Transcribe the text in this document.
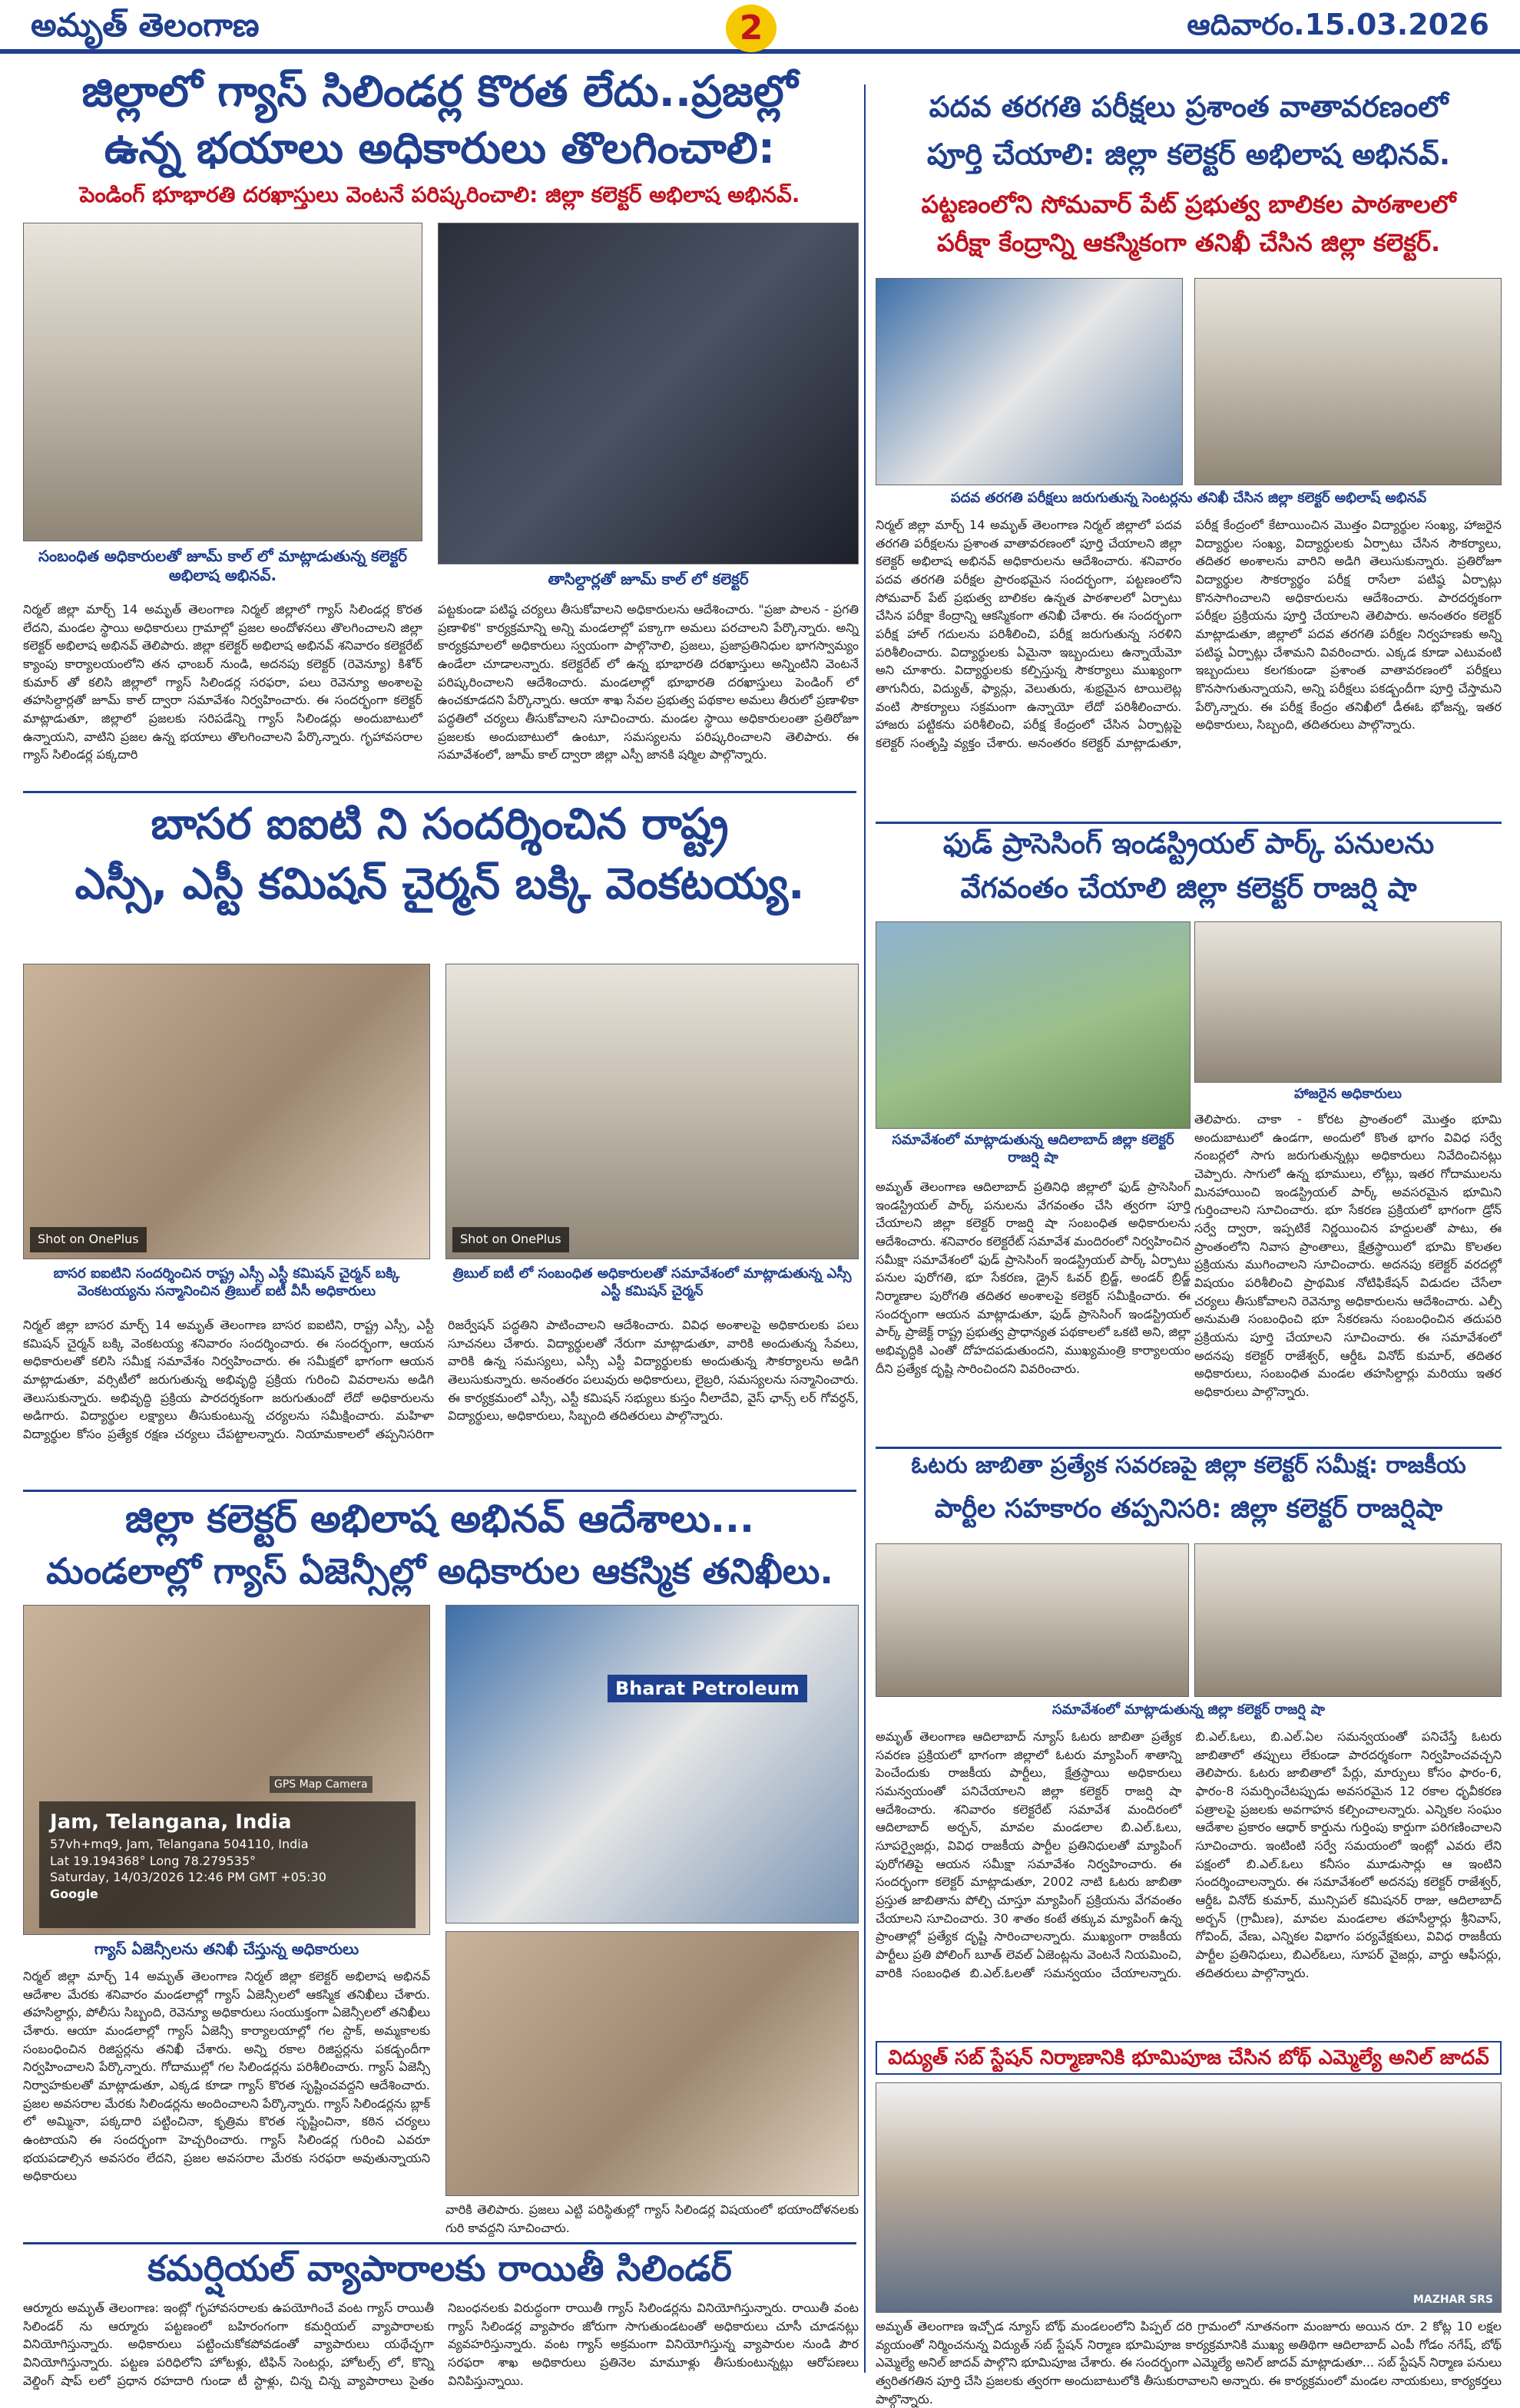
అమృత్ తెలంగాణ	2	ఆదివారం.15.03.2026
జిల్లాలో గ్యాస్ సిలిండర్ల కొరత లేదు..ప్రజల్లో
ఉన్న భయాలు అధికారులు తొలగించాలి:
పెండింగ్ భూభారతి దరఖాస్తులు వెంటనే పరిష్కరించాలి: జిల్లా కలెక్టర్ అభిలాష అభినవ్.
సంబంధిత అధికారులతో జూమ్ కాల్ లో మాట్లాడుతున్న కలెక్టర్ అభిలాష అభినవ్.	తాసిల్దార్లతో జూమ్ కాల్ లో కలెక్టర్
నిర్మల్ జిల్లా మార్చ్ 14 అమృత్ తెలంగాణ నిర్మల్ జిల్లాలో గ్యాస్ సిలిండర్ల కొరత లేదని, మండల స్థాయి అధికారులు గ్రామాల్లో ప్రజల అందోళనలు తొలగించాలని జిల్లా కలెక్టర్ అభిలాష అభినవ్ తెలిపారు. జిల్లా కలెక్టర్ అభిలాష అభినవ్ శనివారం కలెక్టరేట్ క్యాంపు కార్యాలయంలోని తన ఛాంబర్ నుండి, అదనపు కలెక్టర్ (రెవెన్యూ) కిశోర్ కుమార్ తో కలిసి జిల్లాలో గ్యాస్ సిలిండర్ల సరఫరా, పలు రెవెన్యూ అంశాలపై తహసిల్దార్లతో జూమ్ కాల్ ద్వారా సమావేశం నిర్వహించారు. ఈ సందర్భంగా కలెక్టర్ మాట్లాడుతూ, జిల్లాలో ప్రజలకు సరిపడేన్ని గ్యాస్ సిలిండర్లు అందుబాటులో ఉన్నాయని, వాటిని ప్రజల ఉన్న భయాలు తొలగించాలని పేర్కొన్నారు. గృహావసరాల గ్యాస్ సిలిండర్ల పక్కదారి
పట్టకుండా పటిష్ఠ చర్యలు తీసుకోవాలని అధికారులను ఆదేశించారు. "ప్రజా పాలన - ప్రగతి ప్రణాళిక" కార్యక్రమాన్ని అన్ని మండలాల్లో పక్కాగా అమలు పరచాలని పేర్కొన్నారు. అన్ని కార్యక్రమాలలో అధికారులు స్వయంగా పాల్గొనాలి, ప్రజలు, ప్రజాప్రతినిధుల భాగస్వామ్యం ఉండేలా చూడాలన్నారు. కలెక్టరేట్ లో ఉన్న భూభారతి దరఖాస్తులు అన్నింటిని వెంటనే పరిష్కరించాలని ఆదేశించారు. మండలాల్లో భూభారతి దరఖాస్తులు పెండింగ్ లో ఉంచకూడదని పేర్కొన్నారు. ఆయా శాఖ సేవల ప్రభుత్వ పథకాల అమలు తీరులో ప్రణాళికా పద్ధతిలో చర్యలు తీసుకోవాలని సూచించారు. మండల స్థాయి అధికారులంతా ప్రతిరోజూ ప్రజలకు అందుబాటులో ఉంటూ, సమస్యలను పరిష్కరించాలని తెలిపారు. ఈ సమావేశంలో, జూమ్ కాల్ ద్వారా జిల్లా ఎస్పీ జానకి షర్మిల పాల్గొన్నారు.
బాసర ఐఐటి ని సందర్శించిన రాష్ట్ర
ఎస్సీ, ఎస్టీ కమిషన్ చైర్మన్ బక్కి వెంకటయ్య.
Shot on OnePlus	Shot on OnePlus
బాసర ఐఐటిని సందర్శించిన రాష్ట్ర ఎస్సీ ఎస్టీ కమిషన్ చైర్మన్ బక్కి వెంకటయ్యను సన్మానించిన త్రిబుల్ ఐటీ వీసీ అధికారులు
త్రిబుల్ ఐటీ లో సంబంధిత అధికారులతో సమావేశంలో మాట్లాడుతున్న ఎస్సీ ఎస్టీ కమిషన్ చైర్మన్
నిర్మల్ జిల్లా బాసర మార్చ్ 14 అమృత్ తెలంగాణ బాసర ఐఐటిని, రాష్ట్ర ఎస్సీ, ఎస్టీ కమిషన్ చైర్మన్ బక్కి వెంకటయ్య శనివారం సందర్శించారు. ఈ సందర్భంగా, ఆయన అధికారులతో కలిసి సమీక్ష సమావేశం నిర్వహించారు. ఈ సమీక్షలో భాగంగా ఆయన మాట్లాడుతూ, వర్సిటీలో జరుగుతున్న అభివృద్ధి ప్రక్రియ గురించి వివరాలను అడిగి తెలుసుకున్నారు. అభివృద్ధి ప్రక్రియ పారదర్శకంగా జరుగుతుందో లేదో అధికారులను అడిగారు. విద్యార్థుల లక్ష్యాలు తీసుకుంటున్న చర్యలను సమీక్షించారు. మహిళా విద్యార్థుల కోసం ప్రత్యేక రక్షణ చర్యలు చేపట్టాలన్నారు. నియామకాలలో తప్పనిసరిగా రిజర్వేషన్ పద్ధతిని పాటించాలని ఆదేశించారు. వివిధ అంశాలపై అధికారులకు పలు సూచనలు చేశారు. విద్యార్థులతో నేరుగా మాట్లాడుతూ, వారికి అందుతున్న సేవలు, వారికి ఉన్న సమస్యలు, ఎస్సీ ఎస్టీ విద్యార్థులకు అందుతున్న సౌకర్యాలను అడిగి తెలుసుకున్నారు. అనంతరం పలువురు అధికారులు, లైబ్రరి, సమస్యలను సన్మానించారు. ఈ కార్యక్రమంలో ఎస్సీ, ఎస్టీ కమిషన్ సభ్యులు కుస్తం నీలాదేవి, వైస్ ఛాన్స్ లర్ గోవర్ధన్, విద్యార్థులు, అధికారులు, సిబ్బంది తదితరులు పాల్గొన్నారు.
జిల్లా కలెక్టర్ అభిలాష అభినవ్ ఆదేశాలు...
మండలాల్లో గ్యాస్ ఏజెన్సీల్లో అధికారుల ఆకస్మిక తనిఖీలు.
Jam, Telangana, India
57vh+mq9, Jam, Telangana 504110, India
Lat 19.194368° Long 78.279535°
Saturday, 14/03/2026 12:46 PM GMT +05:30
Google
GPS Map Camera
Bharat Petroleum
గ్యాస్ ఏజెన్సీలను తనిఖీ చేస్తున్న అధికారులు
నిర్మల్ జిల్లా మార్చ్ 14 అమృత్ తెలంగాణ నిర్మల్ జిల్లా కలెక్టర్ అభిలాష అభినవ్ ఆదేశాల మేరకు శనివారం మండలాల్లో గ్యాస్ ఏజెన్సీలలో ఆకస్మిక తనిఖీలు చేశారు. తహసిల్దార్లు, పోలీసు సిబ్బంది, రెవెన్యూ అధికారులు సంయుక్తంగా ఏజెన్సీలలో తనిఖీలు చేశారు. ఆయా మండలాల్లో గ్యాస్ ఏజెన్సీ కార్యాలయాల్లో గల స్టాక్, అమ్మకాలకు సంబంధించిన రిజిస్టర్లను తనిఖీ చేశారు. అన్ని రకాల రిజిస్టర్లను పకడ్బందీగా నిర్వహించాలని పేర్కొన్నారు. గోదాముల్లో గల సిలిండర్లను పరిశీలించారు. గ్యాస్ ఏజెన్సీ నిర్వాహకులతో మాట్లాడుతూ, ఎక్కడ కూడా గ్యాస్ కొరత సృష్టించవద్దని ఆదేశించారు. ప్రజల అవసరాల మేరకు సిలిండర్లను అందించాలని పేర్కొన్నారు. గ్యాస్ సిలిండర్లను బ్లాక్ లో అమ్మినా, పక్కదారి పట్టించినా, కృత్రిమ కొరత సృష్టించినా, కఠిన చర్యలు ఉంటాయని ఈ సందర్భంగా హెచ్చరించారు. గ్యాస్ సిలిండర్ల గురించి ఎవరూ భయపడాల్సిన అవసరం లేదని, ప్రజల అవసరాల మేరకు సరఫరా అవుతున్నాయని అధికారులు
వారికి తెలిపారు. ప్రజలు ఎట్టి పరిస్థితుల్లో గ్యాస్ సిలిండర్ల విషయంలో భయాందోళనలకు గురి కావద్దని సూచించారు.
కమర్షియల్ వ్యాపారాలకు రాయితీ సిలిండర్
ఆర్మూరు అమృత్ తెలంగాణ: ఇంట్లో గృహావసరాలకు ఉపయోగించే వంట గ్యాస్ రాయితీ సిలిండర్ ను ఆర్మూరు పట్టణంలో బహిరంగంగా కమర్షియల్ వ్యాపారాలకు వినియోగిస్తున్నారు. అధికారులు పట్టించుకోకపోవడంతో వ్యాపారులు యథేచ్ఛగా వినియోగిస్తున్నారు. పట్టణ పరిధిలోని హోటళ్లు, టిఫిన్ సెంటర్లు, హోటల్స్ లో, కొన్ని వెల్డింగ్ షాప్ లలో ప్రధాన రహదారి గుండా టీ స్టాళ్లు, చిన్న చిన్న వ్యాపారాలు సైతం నిబంధనలకు విరుద్ధంగా రాయితీ గ్యాస్ సిలిండర్లను వినియోగిస్తున్నారు. రాయితీ వంట గ్యాస్ సిలిండర్ల వ్యాపారం జోరుగా సాగుతుండటంతో అధికారులు చూసీ చూడనట్లు వ్యవహరిస్తున్నారు. వంట గ్యాస్ అక్రమంగా వినియోగిస్తున్న వ్యాపారుల నుండి పౌర సరఫరా శాఖ అధికారులు ప్రతినెల మామూళ్లు తీసుకుంటున్నట్లు ఆరోపణలు వినిపిస్తున్నాయి.
పదవ తరగతి పరీక్షలు ప్రశాంత వాతావరణంలో
పూర్తి చేయాలి: జిల్లా కలెక్టర్ అభిలాష అభినవ్.
పట్టణంలోని సోమవార్ పేట్ ప్రభుత్వ బాలికల పాఠశాలలో
పరీక్షా కేంద్రాన్ని ఆకస్మికంగా తనిఖీ చేసిన జిల్లా కలెక్టర్.
పదవ తరగతి పరీక్షలు జరుగుతున్న సెంటర్లను తనిఖీ చేసిన జిల్లా కలెక్టర్ అభిలాష్ అభినవ్
నిర్మల్ జిల్లా మార్చ్ 14 అమృత్ తెలంగాణ నిర్మల్ జిల్లాలో పదవ తరగతి పరీక్షలను ప్రశాంత వాతావరణంలో పూర్తి చేయాలని జిల్లా కలెక్టర్ అభిలాష అభినవ్ అధికారులను ఆదేశించారు. శనివారం పదవ తరగతి పరీక్షల ప్రారంభమైన సందర్భంగా, పట్టణంలోని సోమవార్ పేట్ ప్రభుత్వ బాలికల ఉన్నత పాఠశాలలో ఏర్పాటు చేసిన పరీక్షా కేంద్రాన్ని ఆకస్మికంగా తనిఖీ చేశారు. ఈ సందర్భంగా పరీక్ష హాల్ గదులను పరిశీలించి, పరీక్ష జరుగుతున్న సరళిని పరిశీలించారు. విద్యార్థులకు ఏమైనా ఇబ్బందులు ఉన్నాయేమో అని చూశారు. విద్యార్థులకు కల్పిస్తున్న సౌకర్యాలు ముఖ్యంగా తాగునీరు, విద్యుత్, ఫ్యాన్లు, వెలుతురు, శుభ్రమైన టాయిలెట్ల వంటి సౌకర్యాలు సక్రమంగా ఉన్నాయో లేదో పరిశీలించారు. హాజరు పట్టికను పరిశీలించి, పరీక్ష కేంద్రంలో చేసిన ఏర్పాట్లపై కలెక్టర్ సంతృప్తి వ్యక్తం చేశారు. అనంతరం కలెక్టర్ మాట్లాడుతూ, పరీక్ష కేంద్రంలో కేటాయించిన మొత్తం విద్యార్థుల సంఖ్య, హాజరైన విద్యార్థుల సంఖ్య, విద్యార్థులకు ఏర్పాటు చేసిన సౌకర్యాలు, తదితర అంశాలను వారిని అడిగి తెలుసుకున్నారు. ప్రతిరోజూ విద్యార్థుల సౌకర్యార్థం పరీక్ష రాసేలా పటిష్ఠ ఏర్పాట్లు కొనసాగించాలని అధికారులను ఆదేశించారు. పారదర్శకంగా పరీక్షల ప్రక్రియను పూర్తి చేయాలని తెలిపారు. అనంతరం కలెక్టర్ మాట్లాడుతూ, జిల్లాలో పదవ తరగతి పరీక్షల నిర్వహణకు అన్ని పటిష్ఠ ఏర్పాట్లు చేశామని వివరించారు. ఎక్కడ కూడా ఎటువంటి ఇబ్బందులు కలగకుండా ప్రశాంత వాతావరణంలో పరీక్షలు కొనసాగుతున్నాయని, అన్ని పరీక్షలు పకడ్బందీగా పూర్తి చేస్తామని పేర్కొన్నారు. ఈ పరీక్ష కేంద్రం తనిఖీలో డీఈఓ భోజన్న, ఇతర అధికారులు, సిబ్బంది, తదితరులు పాల్గొన్నారు.
ఫుడ్ ప్రాసెసింగ్ ఇండస్ట్రియల్ పార్క్ పనులను
వేగవంతం చేయాలి జిల్లా కలెక్టర్ రాజర్షి షా
హాజరైన అధికారులు
తెలిపారు. చాకా - కోరట ప్రాంతంలో మొత్తం భూమి అందుబాటులో ఉండగా, అందులో కొంత భాగం వివిధ సర్వే నంబర్లలో సాగు జరుగుతున్నట్లు అధికారులు నివేదించినట్లు చెప్పారు. సాగులో ఉన్న భూములు, లోట్లు, ఇతర గోదాములను మినహాయించి ఇండస్ట్రియల్ పార్క్ అవసరమైన భూమిని గుర్తించాలని సూచించారు. భూ సేకరణ ప్రక్రియలో భాగంగా డ్రోన్ సర్వే ద్వారా, ఇప్పటికే నిర్ణయించిన హద్దులతో పాటు, ఈ ప్రాంతంలోని నివాస ప్రాంతాలు, క్షేత్రస్థాయిలో భూమి కొలతల ప్రక్రియను ముగించాలని సూచించారు. అదనపు కలెక్టర్ వరదల్లో విషయం పరిశీలించి ప్రాథమిక నోటిఫికేషన్ విడుదల చేసేలా చర్యలు తీసుకోవాలని రెవెన్యూ అధికారులను ఆదేశించారు. ఎల్పీ అనుమతి సంబంధించి భూ సేకరణను సంబంధించిన తదుపరి ప్రక్రియను పూర్తి చేయాలని సూచించారు. ఈ సమావేశంలో అదనపు కలెక్టర్ రాజేశ్వర్, ఆర్డీఓ వినోద్ కుమార్, తదితర అధికారులు, సంబంధిత మండల తహసిల్దార్లు మరియు ఇతర అధికారులు పాల్గొన్నారు.
సమావేశంలో మాట్లాడుతున్న ఆదిలాబాద్ జిల్లా కలెక్టర్ రాజర్షి షా
అమృత్ తెలంగాణ ఆదిలాబాద్ ప్రతినిధి జిల్లాలో ఫుడ్ ప్రాసెసింగ్ ఇండస్ట్రియల్ పార్క్ పనులను వేగవంతం చేసి త్వరగా పూర్తి చేయాలని జిల్లా కలెక్టర్ రాజర్షి షా సంబంధిత అధికారులను ఆదేశించారు. శనివారం కలెక్టరేట్ సమావేశ మందిరంలో నిర్వహించిన సమీక్షా సమావేశంలో ఫుడ్ ప్రాసెసింగ్ ఇండస్ట్రియల్ పార్క్ ఏర్పాటు పనుల పురోగతి, భూ సేకరణ, డ్రైన్ ఓవర్ బ్రిడ్జ్, అండర్ బ్రిడ్జ్ నిర్మాణాల పురోగతి తదితర అంశాలపై కలెక్టర్ సమీక్షించారు. ఈ సందర్భంగా ఆయన మాట్లాడుతూ, ఫుడ్ ప్రాసెసింగ్ ఇండస్ట్రియల్ పార్క్ ప్రాజెక్ట్ రాష్ట్ర ప్రభుత్వ ప్రాధాన్యత పథకాలలో ఒకటి అని, జిల్లా అభివృద్ధికి ఎంతో దోహదపడుతుందని, ముఖ్యమంత్రి కార్యాలయం దీని ప్రత్యేక దృష్టి సారించిందని వివరించారు.
ఓటరు జాబితా ప్రత్యేక సవరణపై జిల్లా కలెక్టర్ సమీక్ష: రాజకీయ
పార్టీల సహకారం తప్పనిసరి: జిల్లా కలెక్టర్ రాజర్షిషా
సమావేశంలో మాట్లాడుతున్న జిల్లా కలెక్టర్ రాజర్షి షా
అమృత్ తెలంగాణ ఆదిలాబాద్ న్యూస్ ఓటరు జాబితా ప్రత్యేక సవరణ ప్రక్రియలో భాగంగా జిల్లాలో ఓటరు మ్యాపింగ్ శాతాన్ని పెంచేందుకు రాజకీయ పార్టీలు, క్షేత్రస్థాయి అధికారులు సమన్వయంతో పనిచేయాలని జిల్లా కలెక్టర్ రాజర్షి షా ఆదేశించారు. శనివారం కలెక్టరేట్ సమావేశ మందిరంలో ఆదిలాబాద్ అర్బన్, మావల మండలాల బి.ఎల్.ఓలు, సూపర్వైజర్లు, వివిధ రాజకీయ పార్టీల ప్రతినిధులతో మ్యాపింగ్ పురోగతిపై ఆయన సమీక్షా సమావేశం నిర్వహించారు. ఈ సందర్భంగా కలెక్టర్ మాట్లాడుతూ, 2002 నాటి ఓటరు జాబితా ప్రస్తుత జాబితాను పోల్చి చూస్తూ మ్యాపింగ్ ప్రక్రియను వేగవంతం చేయాలని సూచించారు. 30 శాతం కంటే తక్కువ మ్యాపింగ్ ఉన్న ప్రాంతాల్లో ప్రత్యేక దృష్టి సారించాలన్నారు. ముఖ్యంగా రాజకీయ పార్టీలు ప్రతి పోలింగ్ బూత్ లెవల్ ఏజెంట్లను వెంటనే నియమించి, వారికి సంబంధిత బి.ఎల్.ఓలతో సమన్వయం చేయాలన్నారు. బి.ఎల్.ఓలు, బి.ఎల్.ఏల సమన్వయంతో పనిచేస్తే ఓటరు జాబితాలో తప్పులు లేకుండా పారదర్శకంగా నిర్వహించవచ్చని తెలిపారు. ఓటరు జాబితాలో పేర్లు, మార్పులు కోసం ఫారం-6, ఫారం-8 సమర్పించేటప్పుడు అవసరమైన 12 రకాల ధృవీకరణ పత్రాలపై ప్రజలకు అవగాహన కల్పించాలన్నారు. ఎన్నికల సంఘం ఆదేశాల ప్రకారం ఆధార్ కార్డును గుర్తింపు కార్డుగా పరిగణించాలని సూచించారు. ఇంటింటి సర్వే సమయంలో ఇంట్లో ఎవరు లేని పక్షంలో బి.ఎల్.ఓలు కనీసం మూడుసార్లు ఆ ఇంటిని సందర్శించాలన్నారు. ఈ సమావేశంలో అదనపు కలెక్టర్ రాజేశ్వర్, ఆర్డీఓ వినోద్ కుమార్, మున్సిపల్ కమిషనర్ రాజు, ఆదిలాబాద్ అర్బన్ (గ్రామీణ), మావల మండలాల తహసీల్దార్లు శ్రీనివాస్, గోవింద్, వేణు, ఎన్నికల విభాగం పర్యవేక్షకులు, వివిధ రాజకీయ పార్టీల ప్రతినిధులు, బిఎల్ఓలు, సూపర్ వైజర్లు, వార్డు ఆఫీసర్లు, తదితరులు పాల్గొన్నారు.
విద్యుత్ సబ్ స్టేషన్ నిర్మాణానికి భూమిపూజ చేసిన బోథ్ ఎమ్మెల్యే అనిల్ జాదవ్
MAZHAR SRS
అమృత్ తెలంగాణ ఇచ్చోడ న్యూస్ బోథ్ మండలంలోని పిప్పల్ దరి గ్రామంలో నూతనంగా మంజూరు అయిన రూ. 2 కోట్ల 10 లక్షల వ్యయంతో నిర్మించనున్న విద్యుత్ సబ్ స్టేషన్ నిర్మాణ భూమిపూజ కార్యక్రమానికి ముఖ్య అతిథిగా ఆదిలాబాద్ ఎంపీ గోడం నగేష్, బోథ్ ఎమ్మెల్యే అనిల్ జాదవ్ పాల్గొని భూమిపూజ చేశారు. ఈ సందర్భంగా ఎమ్మెల్యే అనిల్ జాదవ్ మాట్లాడుతూ... సబ్ స్టేషన్ నిర్మాణ పనులు త్వరితగతిన పూర్తి చేసి ప్రజలకు త్వరగా అందుబాటులోకి తీసుకురావాలని అన్నారు. ఈ కార్యక్రమంలో మండల నాయకులు, కార్యకర్తలు పాల్గొన్నారు.
